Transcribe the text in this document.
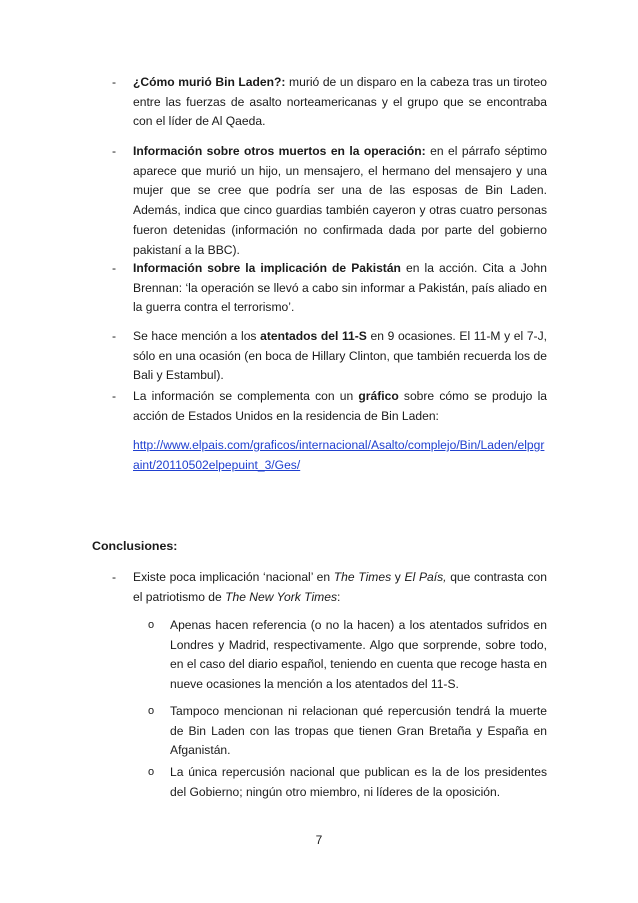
- ¿Cómo murió Bin Laden?: murió de un disparo en la cabeza tras un tiroteo entre las fuerzas de asalto norteamericanas y el grupo que se encontraba con el líder de Al Qaeda.

- Información sobre otros muertos en la operación: en el párrafo séptimo aparece que murió un hijo, un mensajero, el hermano del mensajero y una mujer que se cree que podría ser una de las esposas de Bin Laden. Además, indica que cinco guardias también cayeron y otras cuatro personas fueron detenidas (información no confirmada dada por parte del gobierno pakistaní a la BBC).

- Información sobre la implicación de Pakistán en la acción. Cita a John Brennan: ‘la operación se llevó a cabo sin informar a Pakistán, país aliado en la guerra contra el terrorismo’.

- Se hace mención a los atentados del 11-S en 9 ocasiones. El 11-M y el 7-J, sólo en una ocasión (en boca de Hillary Clinton, que también recuerda los de Bali y Estambul).

- La información se complementa con un gráfico sobre cómo se produjo la acción de Estados Unidos en la residencia de Bin Laden:

http://www.elpais.com/graficos/internacional/Asalto/complejo/Bin/Laden/elpgraint/20110502elpepuint_3/Ges/

Conclusiones:
- Existe poca implicación ‘nacional’ en The Times y El País, que contrasta con el patriotismo de The New York Times:

o Apenas hacen referencia (o no la hacen) a los atentados sufridos en Londres y Madrid, respectivamente. Algo que sorprende, sobre todo, en el caso del diario español, teniendo en cuenta que recoge hasta en nueve ocasiones la mención a los atentados del 11-S.

o Tampoco mencionan ni relacionan qué repercusión tendrá la muerte de Bin Laden con las tropas que tienen Gran Bretaña y España en Afganistán.

o La única repercusión nacional que publican es la de los presidentes del Gobierno; ningún otro miembro, ni líderes de la oposición.

7
